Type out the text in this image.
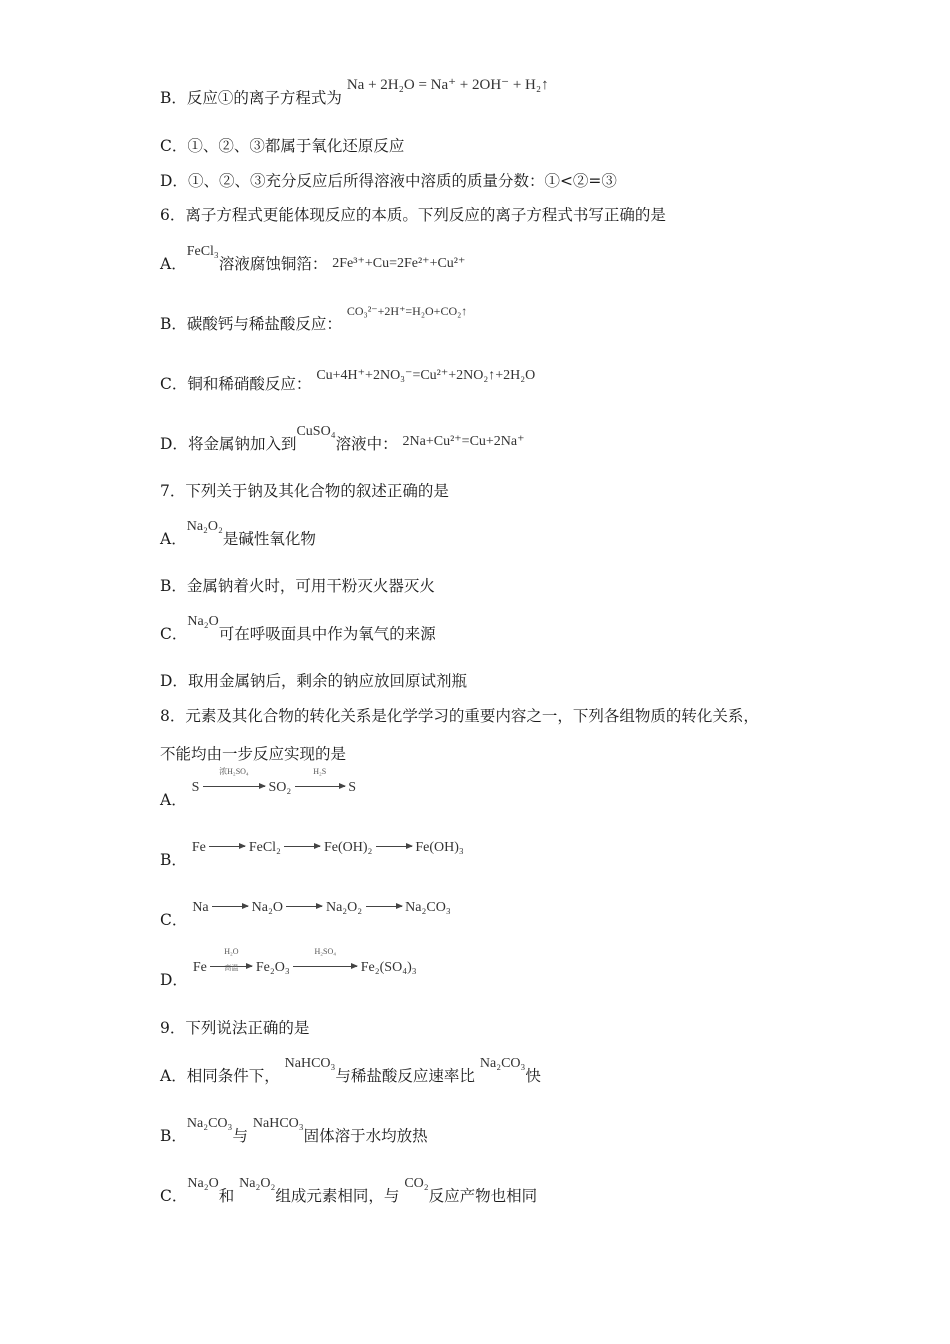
B．反应①的离子方程式为 Na + 2H₂O = Na⁺ + 2OH⁻ + H₂↑
C．①、②、③都属于氧化还原反应
D．①、②、③充分反应后所得溶液中溶质的质量分数：①<②=③
6．离子方程式更能体现反应的本质。下列反应的离子方程式书写正确的是
A．FeCl₃溶液腐蚀铜箔： 2Fe³⁺+Cu=2Fe²⁺+Cu²⁺
B．碳酸钙与稀盐酸反应： CO₃²⁻+2H⁺=H₂O+CO₂↑
C．铜和稀硝酸反应： Cu+4H⁺+2NO₃⁻=Cu²⁺+2NO₂↑+2H₂O
D．将金属钠加入到CuSO₄溶液中： 2Na+Cu²⁺=Cu+2Na⁺
7．下列关于钠及其化合物的叙述正确的是
A．Na₂O₂是碱性氧化物
B．金属钠着火时，可用干粉灭火器灭火
C．Na₂O可在呼吸面具中作为氧气的来源
D．取用金属钠后，剩余的钠应放回原试剂瓶
8．元素及其化合物的转化关系是化学学习的重要内容之一，下列各组物质的转化关系，
不能均由一步反应实现的是
A． S
浓H₂SO₄
SO₂
H₂S
S
B． Fe	FeCl₂	Fe(OH)₂	Fe(OH)₃
C． Na	Na₂O	Na₂O₂	Na₂CO₃
D． Fe
H₂O
高温	Fe₂O₃
H₂SO₄
Fe₂(SO₄)₃
9．下列说法正确的是
A．相同条件下， NaHCO₃与稀盐酸反应速率比 Na₂CO₃快
B．Na₂CO₃与 NaHCO₃固体溶于水均放热
C．Na₂O和 Na₂O₂组成元素相同，与 CO₂反应产物也相同
